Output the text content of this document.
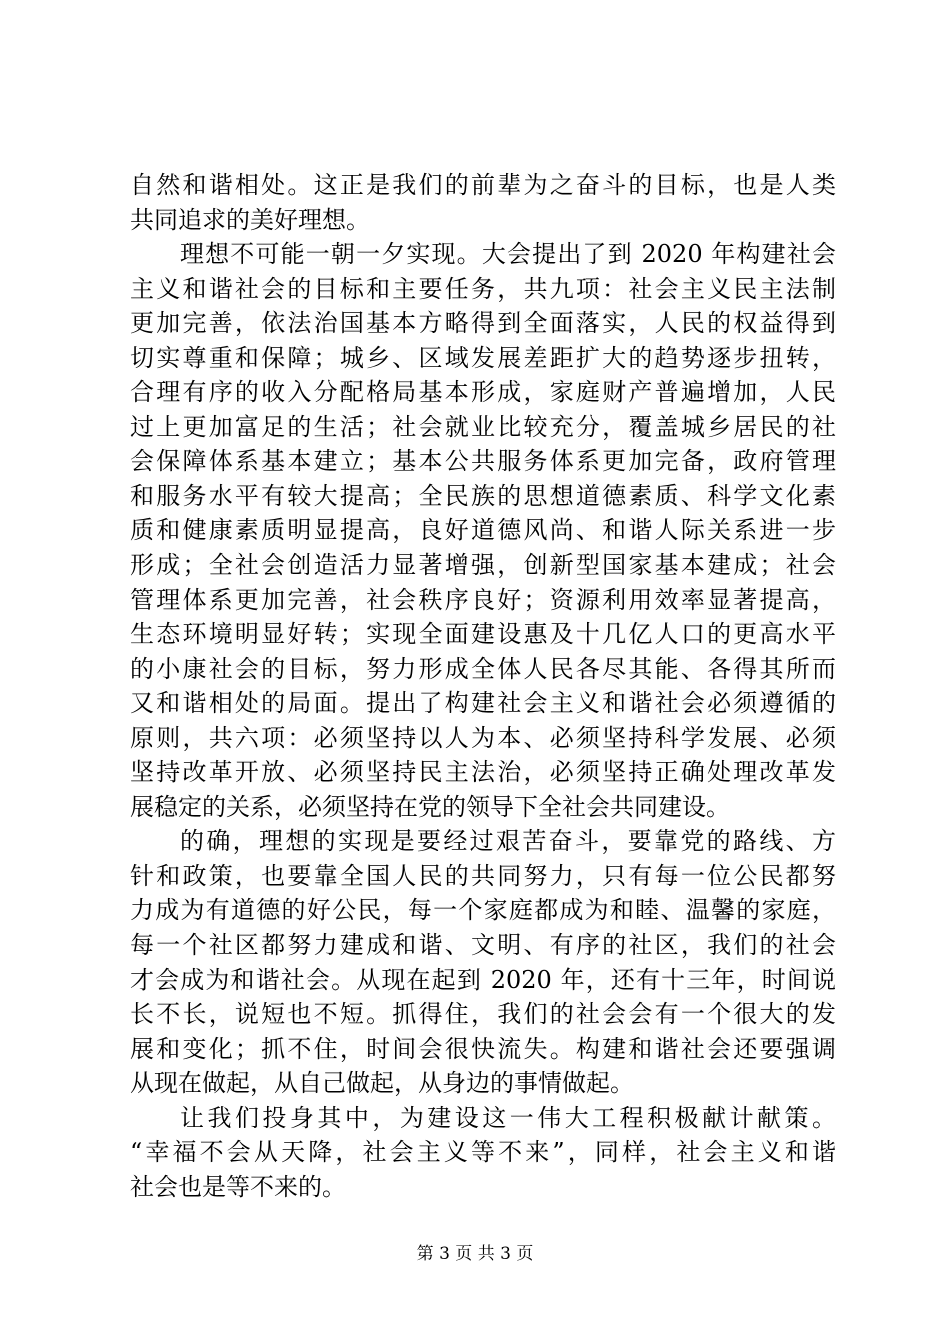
自然和谐相处。这正是我们的前辈为之奋斗的目标，也是人类
共同追求的美好理想。
理想不可能一朝一夕实现。大会提出了到 2020 年构建社会
主义和谐社会的目标和主要任务，共九项：社会主义民主法制
更加完善，依法治国基本方略得到全面落实，人民的权益得到
切实尊重和保障；城乡、区域发展差距扩大的趋势逐步扭转，
合理有序的收入分配格局基本形成，家庭财产普遍增加，人民
过上更加富足的生活；社会就业比较充分，覆盖城乡居民的社
会保障体系基本建立；基本公共服务体系更加完备，政府管理
和服务水平有较大提高；全民族的思想道德素质、科学文化素
质和健康素质明显提高，良好道德风尚、和谐人际关系进一步
形成；全社会创造活力显著增强，创新型国家基本建成；社会
管理体系更加完善，社会秩序良好；资源利用效率显著提高，
生态环境明显好转；实现全面建设惠及十几亿人口的更高水平
的小康社会的目标，努力形成全体人民各尽其能、各得其所而
又和谐相处的局面。提出了构建社会主义和谐社会必须遵循的
原则，共六项：必须坚持以人为本、必须坚持科学发展、必须
坚持改革开放、必须坚持民主法治，必须坚持正确处理改革发
展稳定的关系，必须坚持在党的领导下全社会共同建设。
的确，理想的实现是要经过艰苦奋斗，要靠党的路线、方
针和政策，也要靠全国人民的共同努力，只有每一位公民都努
力成为有道德的好公民，每一个家庭都成为和睦、温馨的家庭，
每一个社区都努力建成和谐、文明、有序的社区，我们的社会
才会成为和谐社会。从现在起到 2020 年，还有十三年，时间说
长不长，说短也不短。抓得住，我们的社会会有一个很大的发
展和变化；抓不住，时间会很快流失。构建和谐社会还要强调
从现在做起，从自己做起，从身边的事情做起。
让我们投身其中，为建设这一伟大工程积极献计献策。
“幸福不会从天降，社会主义等不来”，同样，社会主义和谐
社会也是等不来的。
第 3 页 共 3 页
